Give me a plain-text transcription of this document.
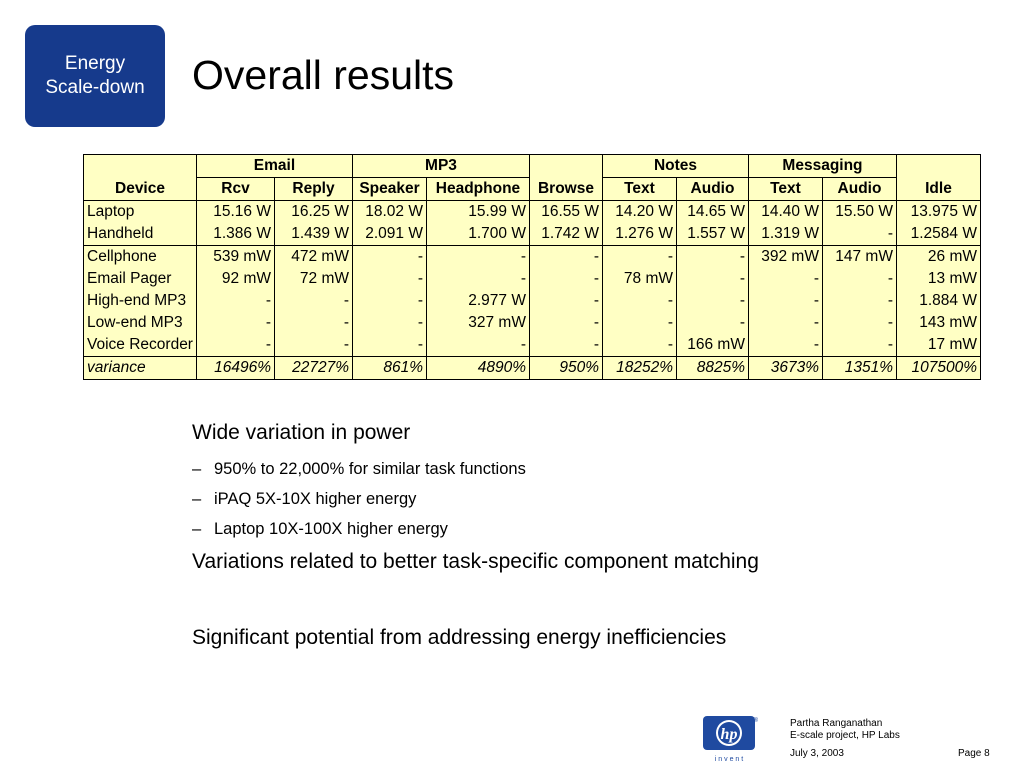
Energy
Scale-down Overall results
	Email		MP3			Notes		Messaging		
Device	Rcv	Reply	Speaker	Headphone	Browse	Text	Audio	Text	Audio	Idle
Laptop	15.16 W	16.25 W	18.02 W	15.99 W	16.55 W	14.20 W	14.65 W	14.40 W	15.50 W	13.975 W
Handheld	1.386 W	1.439 W	2.091 W	1.700 W	1.742 W	1.276 W	1.557 W	1.319 W	-	1.2584 W
Cellphone	539 mW	472 mW	-	-	-	-	-	392 mW	147 mW	26 mW
Email Pager	92 mW	72 mW	-	-	-	78 mW	-	-	-	13 mW
High-end MP3	-	-	-	2.977 W	-	-	-	-	-	1.884 W
Low-end MP3	-	-	-	327 mW	-	-	-	-	-	143 mW
Voice Recorder	-	-	-	-	-	-	166 mW	-	-	17 mW
variance	16496%	22727%	861%	4890%	950%	18252%	8825%	3673%	1351%	107500%

Wide variation in power

– 950% to 22,000% for similar task functions
– iPAQ 5X-10X higher energy
– Laptop 10X-100X higher energy

Variations related to better task-specific component matching

Significant potential from addressing energy inefficiencies

hp
i n v e n t
®	Partha Ranganathan
E-scale project, HP Labs
July 3, 2003	Page 8
